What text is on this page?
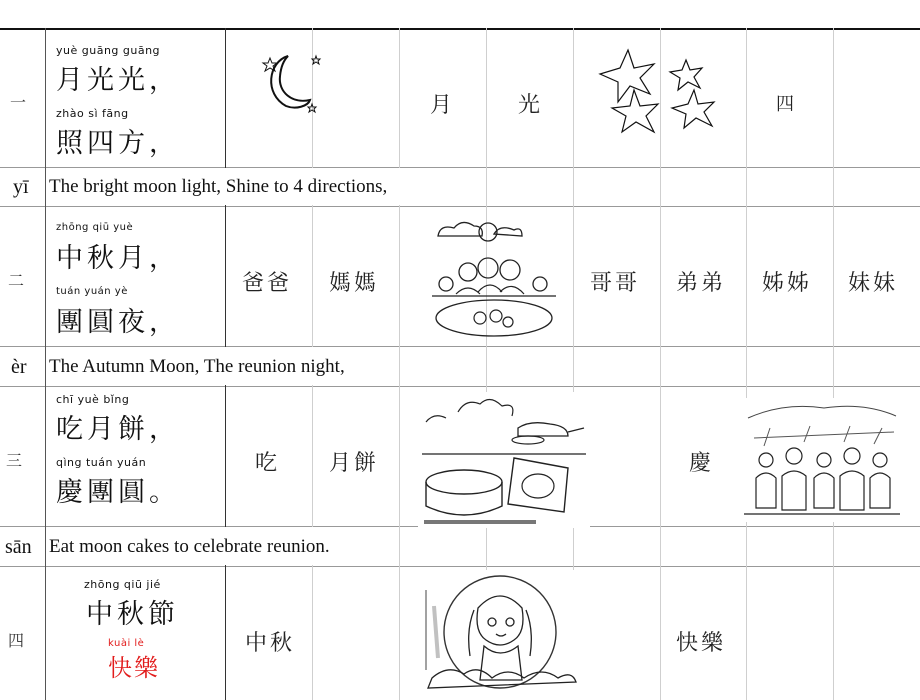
一
yuè guāng guāng
月光光，
zhào sì fāng
照四方，
月	光	四
yī The bright moon light, Shine to 4 directions,
二
zhōng qiū yuè
中秋月，
tuán yuán yè
團圓夜，
爸爸 媽媽	哥哥 弟弟 姊姊 妹妹
èr The Autumn Moon, The reunion night,
三
chī yuè bǐng
吃月餅，
qìng tuán yuán
慶團圓。
吃 月餅	慶
sān Eat moon cakes to celebrate reunion.
四
zhōng qiū jié
中秋節
kuài lè
快樂
中秋	快樂
